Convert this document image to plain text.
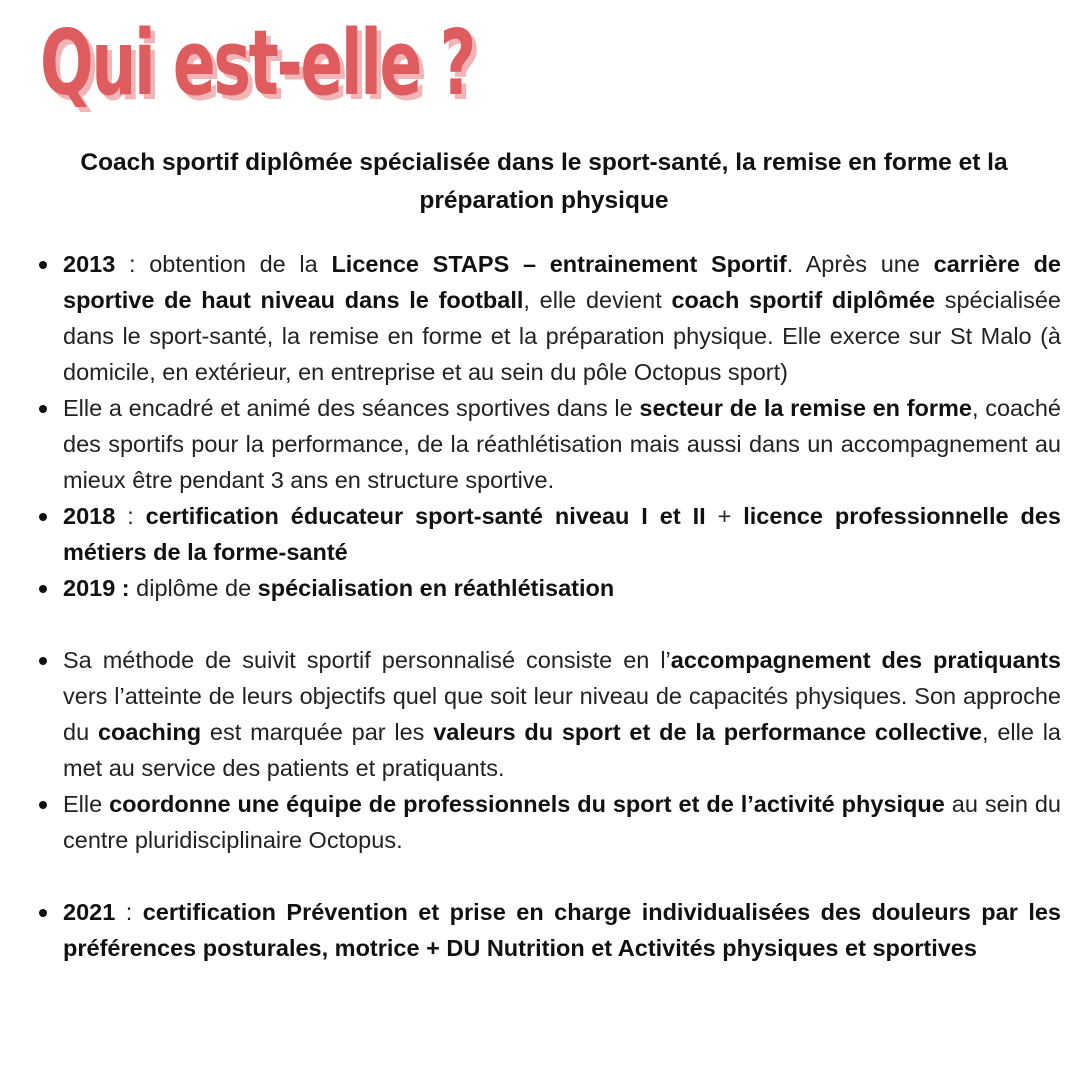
Qui est-elle ?

Coach sportif diplômée spécialisée dans le sport-santé, la remise en forme et la préparation physique

2013 : obtention de la Licence STAPS – entrainement Sportif. Après une carrière de sportive de haut niveau dans le football, elle devient coach sportif diplômée spécialisée dans le sport-santé, la remise en forme et la préparation physique. Elle exerce sur St Malo (à domicile, en extérieur, en entreprise et au sein du pôle Octopus sport)
Elle a encadré et animé des séances sportives dans le secteur de la remise en forme, coaché des sportifs pour la performance, de la réathlétisation mais aussi dans un accompagnement au mieux être pendant 3 ans en structure sportive.
2018 : certification éducateur sport-santé niveau I et II + licence professionnelle des métiers de la forme-santé
2019 : diplôme de spécialisation en réathlétisation
Sa méthode de suivit sportif personnalisé consiste en l’accompagnement des pratiquants vers l’atteinte de leurs objectifs quel que soit leur niveau de capacités physiques. Son approche du coaching est marquée par les valeurs du sport et de la performance collective, elle la met au service des patients et pratiquants.
Elle coordonne une équipe de professionnels du sport et de l’activité physique au sein du centre pluridisciplinaire Octopus.
2021 : certification Prévention et prise en charge individualisées des douleurs par les préférences posturales, motrice + DU Nutrition et Activités physiques et sportives
